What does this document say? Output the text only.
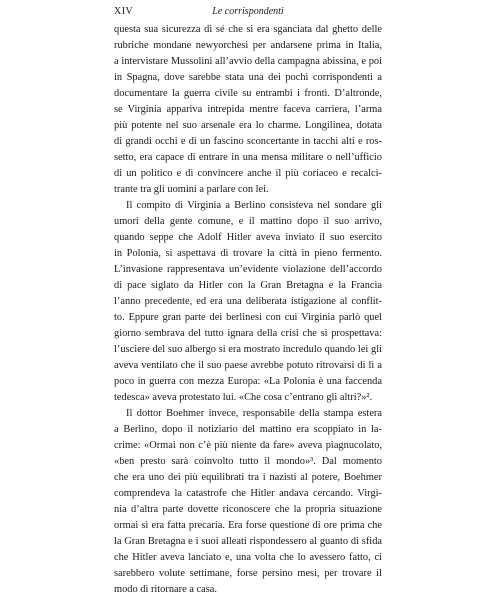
XIV	Le corrispondenti
questa sua sicurezza di sé che si era sganciata dal ghetto delle
rubriche mondane newyorchesi per andarsene prima in Italia,
a intervistare Mussolini all’avvio della campagna abissina, e poi
in Spagna, dove sarebbe stata una dei pochi corrispondenti a
documentare la guerra civile su entrambi i fronti. D’altronde,
se Virginia appariva intrepida mentre faceva carriera, l’arma
più potente nel suo arsenale era lo charme. Longilinea, dotata
di grandi occhi e di un fascino sconcertante in tacchi alti e ros-
setto, era capace di entrare in una mensa militare o nell’ufficio
di un politico e di convincere anche il più coriaceo e recalci-
trante tra gli uomini a parlare con lei.
Il compito di Virginia a Berlino consisteva nel sondare gli
umori della gente comune, e il mattino dopo il suo arrivo,
quando seppe che Adolf Hitler aveva inviato il suo esercito
in Polonia, si aspettava di trovare la città in pieno fermento.
L’invasione rappresentava un’evidente violazione dell’accordo
di pace siglato da Hitler con la Gran Bretagna e la Francia
l’anno precedente, ed era una deliberata istigazione al conflit-
to. Eppure gran parte dei berlinesi con cui Virginia parlò quel
giorno sembrava del tutto ignara della crisi che si prospettava:
l’usciere del suo albergo si era mostrato incredulo quando lei gli
aveva ventilato che il suo paese avrebbe potuto ritrovarsi di lì a
poco in guerra con mezza Europa: «La Polonia è una faccenda
tedesca» aveva protestato lui. «Che cosa c’entrano gli altri?»².
Il dottor Boehmer invece, responsabile della stampa estera
a Berlino, dopo il notiziario del mattino era scoppiato in la-
crime: «Ormai non c’è più niente da fare» aveva piagnucolato,
«ben presto sarà coinvolto tutto il mondo»³. Dal momento
che era uno dei più equilibrati tra i nazisti al potere, Boehmer
comprendeva la catastrofe che Hitler andava cercando. Virgi-
nia d’altra parte dovette riconoscere che la propria situazione
ormai si era fatta precaria. Era forse questione di ore prima che
la Gran Bretagna e i suoi alleati rispondessero al guanto di sfida
che Hitler aveva lanciato e, una volta che lo avessero fatto, ci
sarebbero volute settimane, forse persino mesi, per trovare il
modo di ritornare a casa.
